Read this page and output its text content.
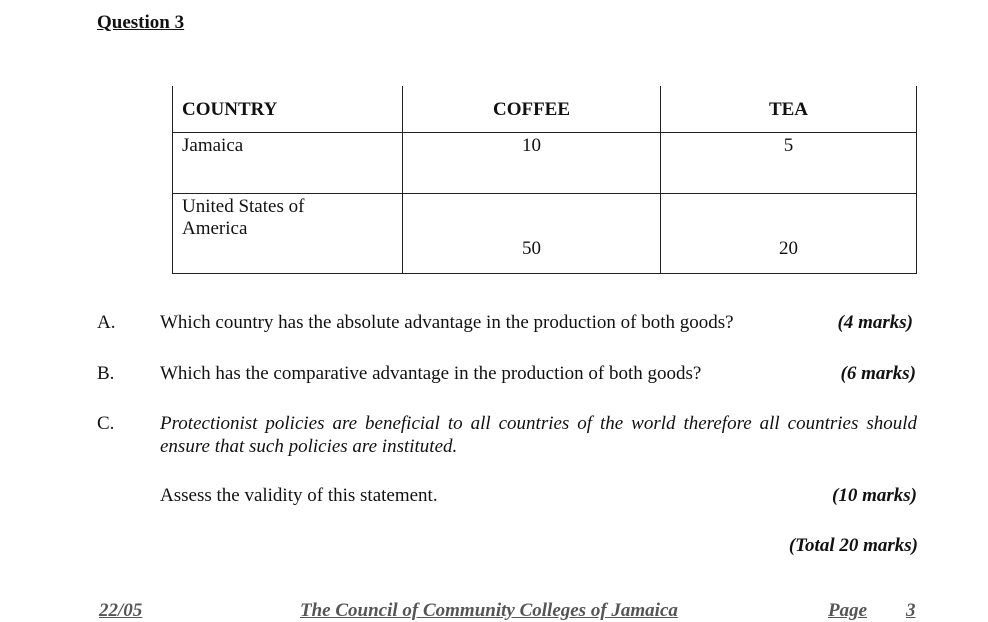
Question 3
COUNTRY	COFFEE	TEA
Jamaica	10	5
United States of
America	50	20
A. Which country has the absolute advantage in the production of both goods?	(4 marks)
B. Which has the comparative advantage in the production of both goods?	(6 marks)
C. Protectionist policies are beneficial to all countries of the world therefore all countries should ensure that such policies are instituted.
Assess the validity of this statement.	(10 marks)
(Total 20 marks)
22/05	The Council of Community Colleges of Jamaica	Page 3
